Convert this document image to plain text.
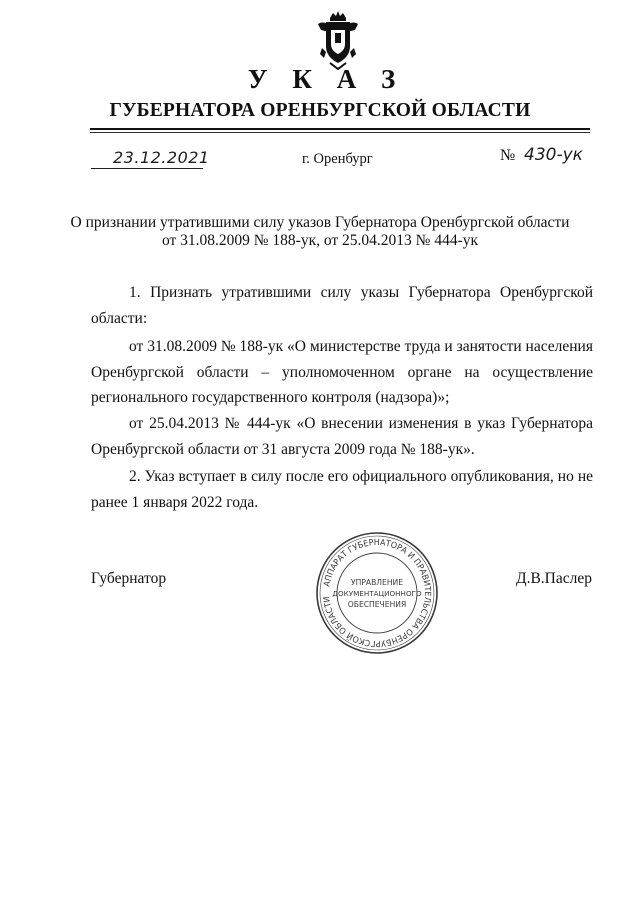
У К А З
ГУБЕРНАТОРА ОРЕНБУРГСКОЙ ОБЛАСТИ
23.12.2021	г. Оренбург	№ 430-ук
О признании утратившими силу указов Губернатора Оренбургской области
от 31.08.2009 № 188-ук, от 25.04.2013 № 444-ук
1. Признать утратившими силу указы Губернатора Оренбургской области:
от 31.08.2009 № 188-ук «О министерстве труда и занятости населения Оренбургской области – уполномоченном органе на осуществление регионального государственного контроля (надзора)»;
от 25.04.2013 № 444-ук «О внесении изменения в указ Губернатора Оренбургской области от 31 августа 2009 года № 188-ук».
2. Указ вступает в силу после его официального опубликования, но не ранее 1 января 2022 года.
Губернатор	АППАРАТ ГУБЕРНАТОРА И ПРАВИТЕЛЬСТВА ОРЕНБУРГСКОЙ ОБЛАСТИ
УПРАВЛЕНИЕ
ДОКУМЕНТАЦИОННОГО
ОБЕСПЕЧЕНИЯ
Д.В.Паслер
